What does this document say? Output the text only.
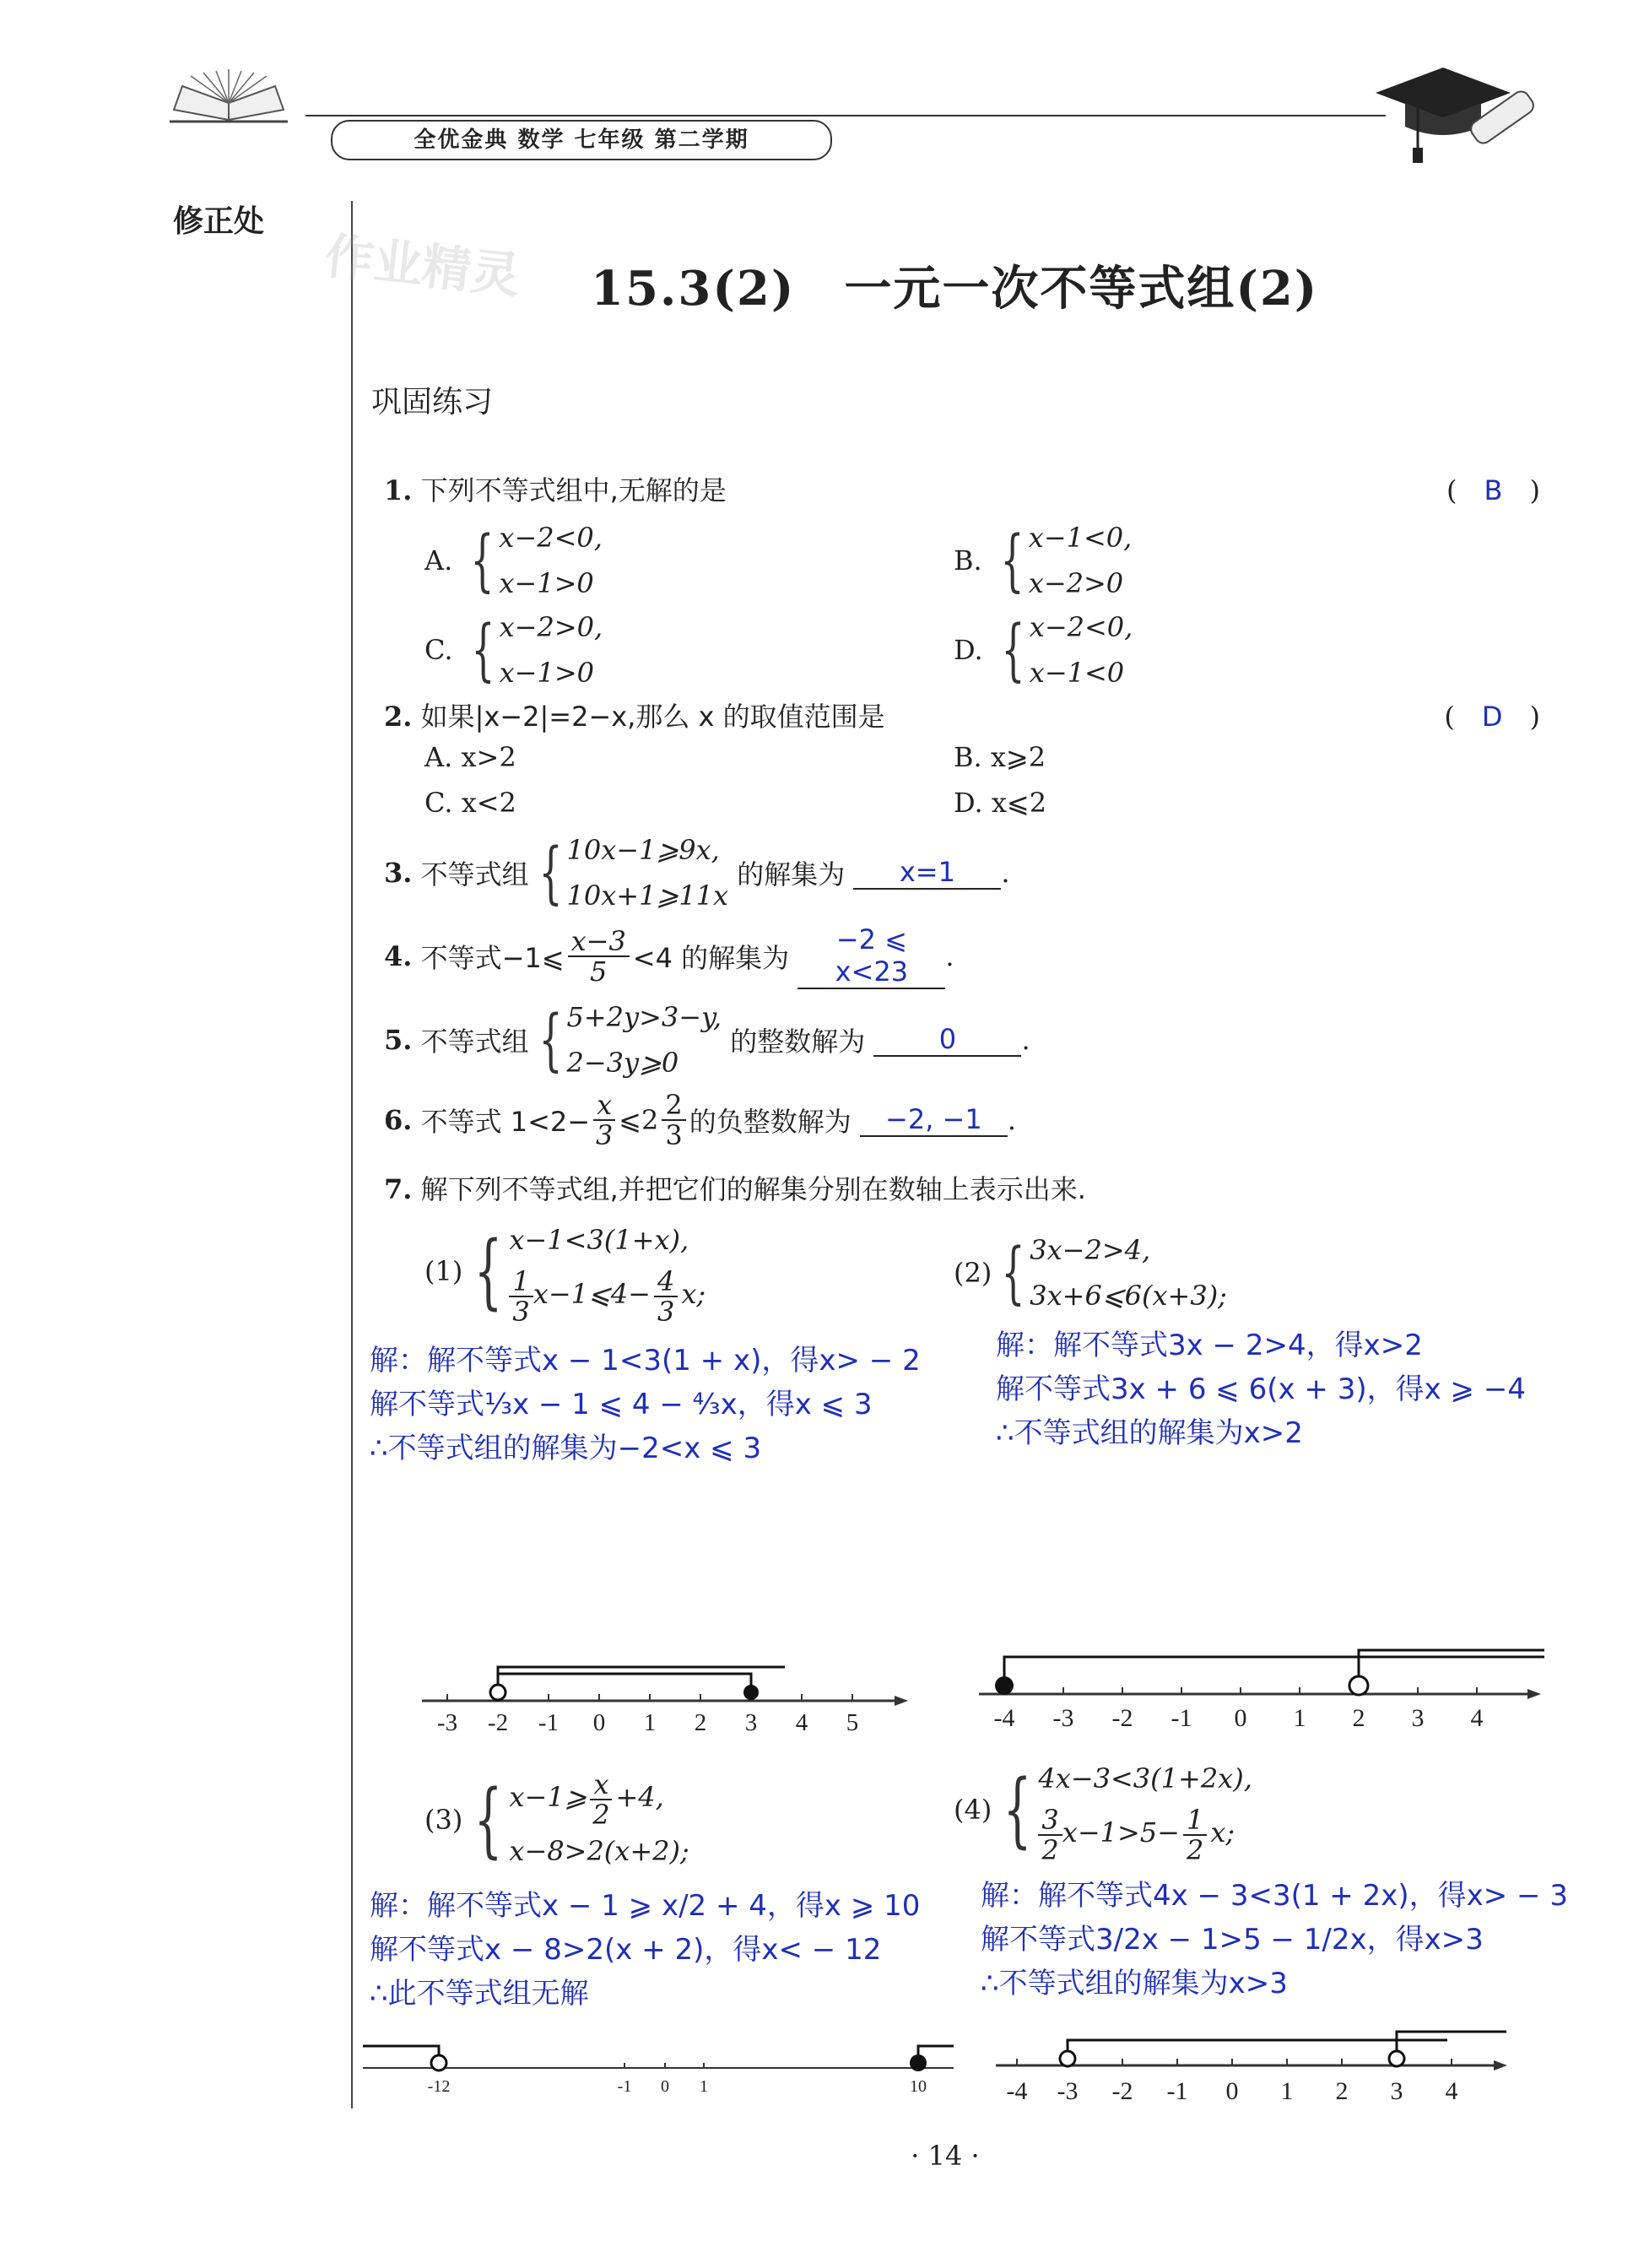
全优金典 数学 七年级 第二学期
修正处
作业精灵 15.3(2)　一元一次不等式组(2)
巩固练习
1. 下列不等式组中,无解的是	(　B　)
A. { x−2<0,
x−1>0
B. { x−1<0,
x−2>0
C. { x−2>0,
x−1>0
D. { x−2<0,
x−1<0
2. 如果|x−2|=2−x,那么 x 的取值范围是	(　D　)
A. x>2	B. x⩾2
C. x<2	D. x⩽2
3. 不等式组 { 10x−1⩾9x,
10x+1⩾11x
的解集为 x=1 .
4. 不等式−1⩽ $\frac{x-3}{5} <4$ 的解集为 −2 ⩽ x<23 .
5. 不等式组 { 5+2y>3−y,
2−3y⩾0
的整数解为	0 .
6. 不等式 $1<2- \frac{x}{3}$ ⩽2 $\frac{2}{3}$ 的负整数解为 −2, −1 .
7. 解下列不等式组,并把它们的解集分别在数轴上表示出来.
(1) { x−1<3(1+x),
$\frac{1}{3}$ x−1⩽4− $\frac{4}{3} x$;
(2) { 3x−2>4,
3x+6⩽6(x+3);
解：解不等式x − 1<3(1 + x)，得x> − 2
解不等式⅓x − 1 ⩽ 4 − ⁴⁄₃x，得x ⩽ 3
∴不等式组的解集为−2<x ⩽ 3
解：解不等式3x − 2>4，得x>2
解不等式3x + 6 ⩽ 6(x + 3)，得x ⩾ −4
∴不等式组的解集为x>2
-3 -2 -1 0 1 2 3 4 5	-4 -3 -2 -1 0 1 2 3 4
(3) { x−1⩾ $\frac{x}{2} +4$,
x−8>2(x+2);
(4) { 4x−3<3(1+2x),
$\frac{3}{2} x-1>5- \frac{1}{2} x$;
解：解不等式x − 1 ⩾ x/2 + 4，得x ⩾ 10
解不等式x − 8>2(x + 2)，得x< − 12
∴此不等式组无解
解：解不等式4x − 3<3(1 + 2x)，得x> − 3
解不等式3/2x − 1>5 − 1/2x，得x>3
∴不等式组的解集为x>3
-12	-1 0 1	10	-4 -3 -2 -1 0 1 2 3 4
· 14 ·
